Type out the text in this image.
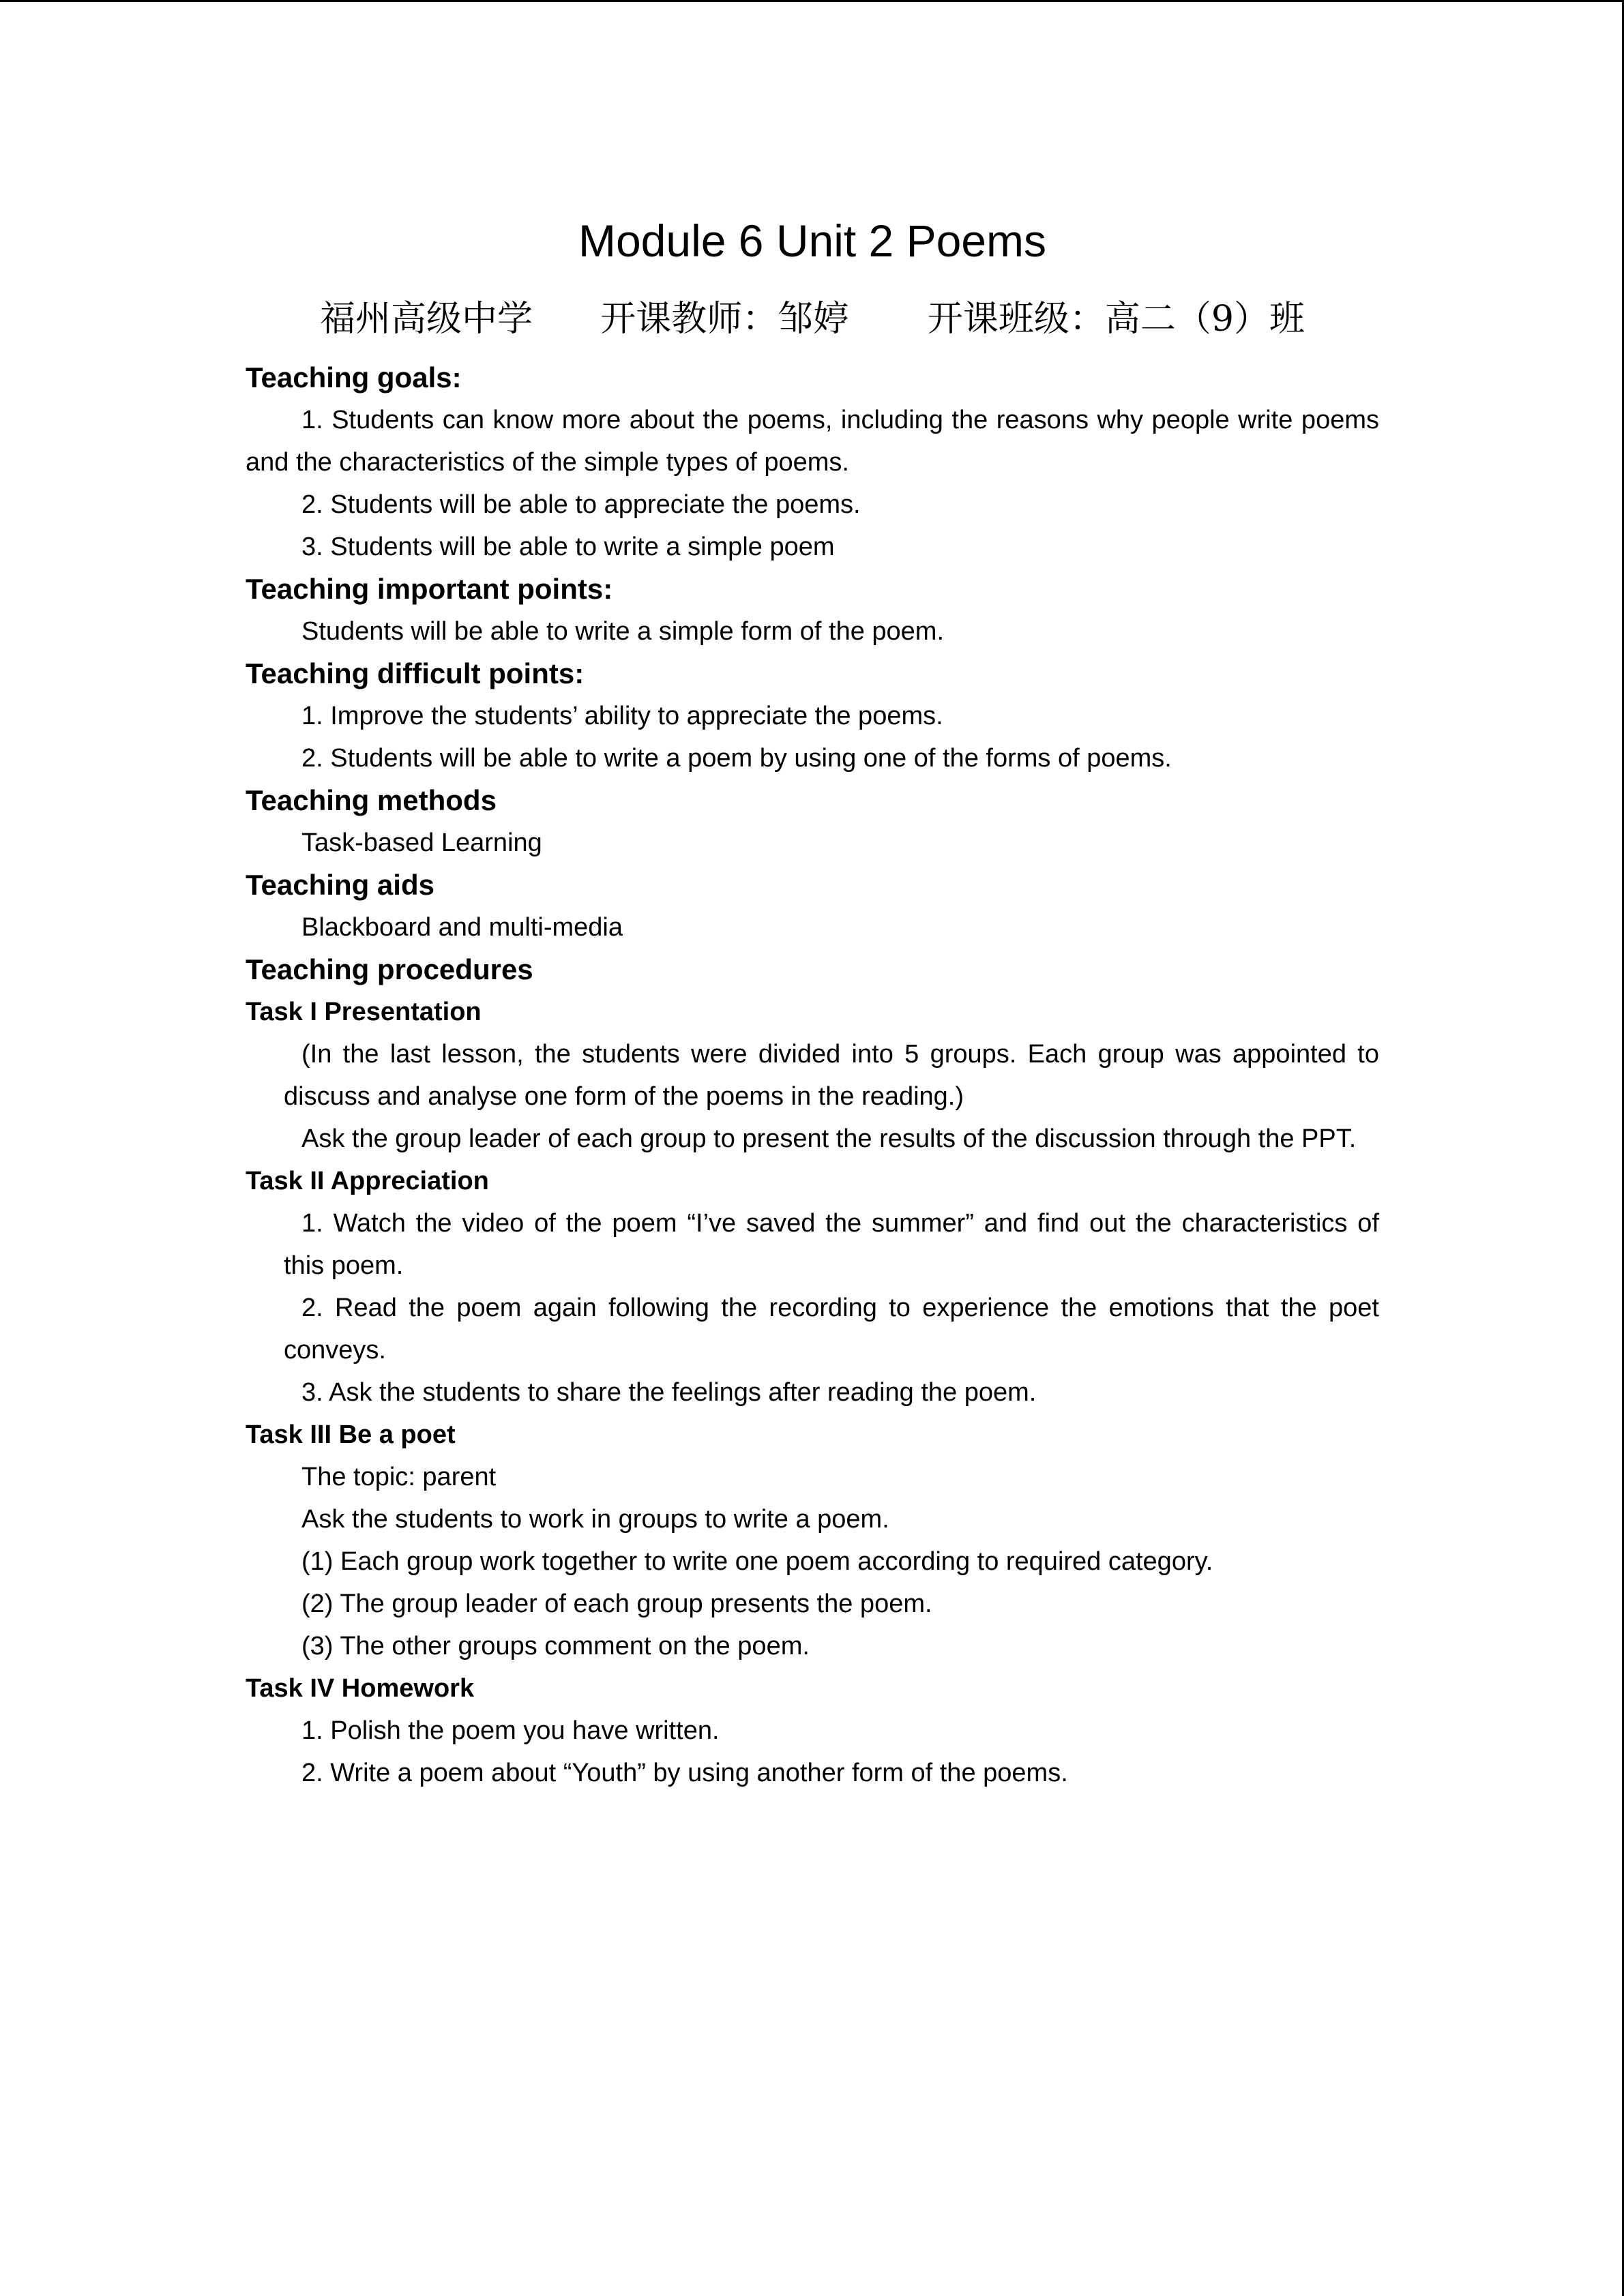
Module 6 Unit 2 Poems
福州高级中学      开课教师：邹婷       开课班级：高二（9）班
Teaching goals:
1. Students can know more about the poems, including the reasons why people write poems and the characteristics of the simple types of poems.
2. Students will be able to appreciate the poems.
3. Students will be able to write a simple poem
Teaching important points:
Students will be able to write a simple form of the poem.
Teaching difficult points:
1. Improve the students’ ability to appreciate the poems.
2. Students will be able to write a poem by using one of the forms of poems.
Teaching methods
Task-based Learning
Teaching aids
Blackboard and multi-media
Teaching procedures
Task I Presentation
(In the last lesson, the students were divided into 5 groups. Each group was appointed to discuss and analyse one form of the poems in the reading.)
Ask the group leader of each group to present the results of the discussion through the PPT.
Task II Appreciation
1. Watch the video of the poem “I’ve saved the summer” and find out the characteristics of this poem.
2. Read the poem again following the recording to experience the emotions that the poet conveys.
3. Ask the students to share the feelings after reading the poem.
Task III Be a poet
The topic: parent
Ask the students to work in groups to write a poem.
(1) Each group work together to write one poem according to required category.
(2) The group leader of each group presents the poem.
(3) The other groups comment on the poem.
Task IV Homework
1. Polish the poem you have written.
2. Write a poem about “Youth” by using another form of the poems.
